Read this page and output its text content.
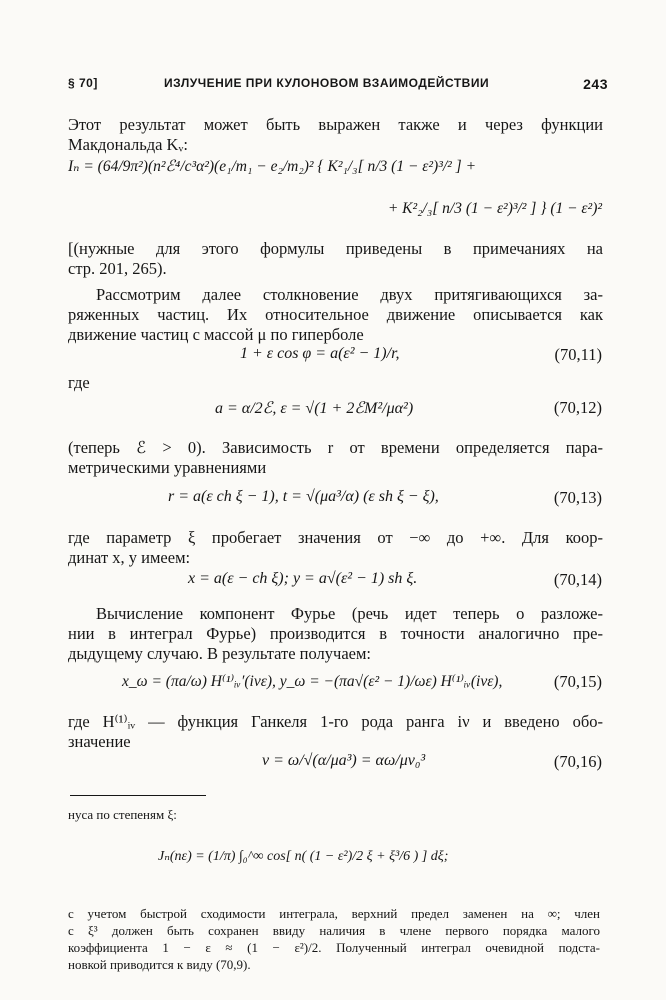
§ 70]	ИЗЛУЧЕНИЕ ПРИ КУЛОНОВОМ ВЗАИМОДЕЙСТВИИ	243
Этот результат может быть выражен также и через функции
Макдональда Kᵥ:
Iₙ = (64/9π²)(n²ℰ⁴/c³α²)(e₁/m₁ − e₂/m₂)² { K²₁/₃[ n/3 (1 − ε²)³/² ] +
+ K²₂/₃[ n/3 (1 − ε²)³/² ] } (1 − ε²)²
[(нужные для этого формулы приведены в примечаниях на
стр. 201, 265).
Рассмотрим далее столкновение двух притягивающихся за-
ряженных частиц. Их относительное движение описывается как
движение частиц с массой μ по гиперболе
1 + ε cos φ = a(ε² − 1)/r,	(70,11)
где
a = α/2ℰ, ε = √(1 + 2ℰM²/μα²)	(70,12)
(теперь ℰ > 0). Зависимость r от времени определяется пара-
метрическими уравнениями
r = a(ε ch ξ − 1), t = √(μa³/α) (ε sh ξ − ξ),	(70,13)
где параметр ξ пробегает значения от −∞ до +∞. Для коор-
динат x, y имеем:
x = a(ε − ch ξ); y = a√(ε² − 1) sh ξ.	(70,14)
Вычисление компонент Фурье (речь идет теперь о разложе-
нии в интеграл Фурье) производится в точности аналогично пре-
дыдущему случаю. В результате получаем:
x_ω = (πa/ω) H⁽¹⁾ᵢᵥ′(iνε), y_ω = −(πa√(ε² − 1)/ωε) H⁽¹⁾ᵢᵥ(iνε),	(70,15)
где H⁽¹⁾ᵢᵥ — функция Ганкеля 1-го рода ранга iν и введено обо-
значение
ν = ω/√(α/μa³) = αω/μv₀³	(70,16)
нуса по степеням ξ:
Jₙ(nε) = (1/π) ∫₀^∞ cos[ n( (1 − ε²)/2 ξ + ξ³/6 ) ] dξ;
с учетом быстрой сходимости интеграла, верхний предел заменен на ∞; член
с ξ³ должен быть сохранен ввиду наличия в члене первого порядка малого
коэффициента 1 − ε ≈ (1 − ε²)/2. Полученный интеграл очевидной подста-
новкой приводится к виду (70,9).
